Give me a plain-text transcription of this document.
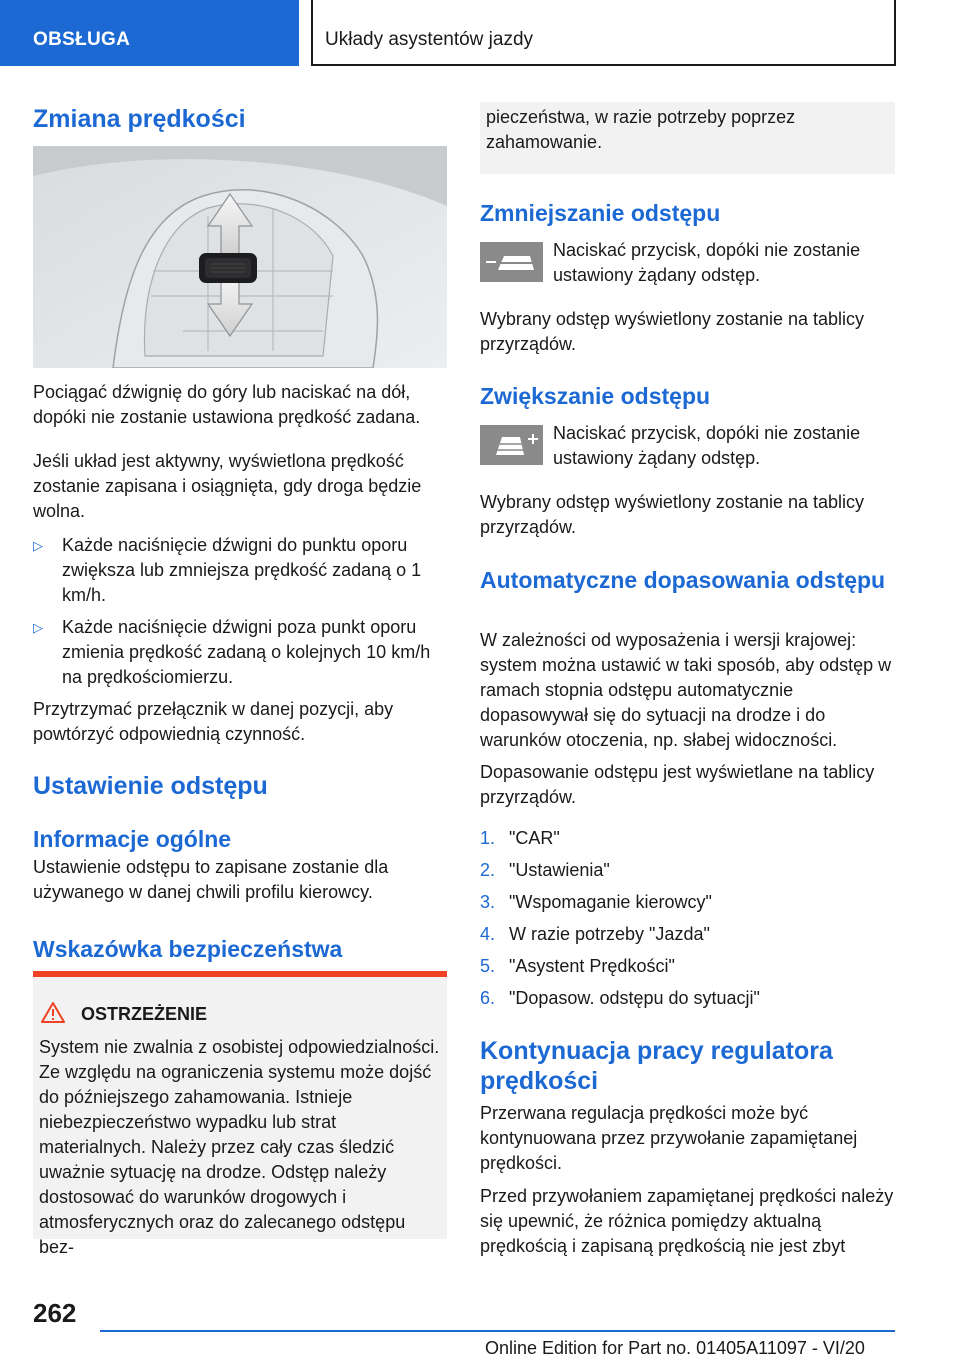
OBSŁUGA	Układy asystentów jazdy
Zmiana prędkości

Pociągać dźwignię do góry lub naciskać na dół, dopóki nie zostanie ustawiona prędkość zadana.

Jeśli układ jest aktywny, wyświetlona prędkość zostanie zapisana i osiągnięta, gdy droga będzie wolna.

▷	Każde naciśnięcie dźwigni do punktu oporu zwiększa lub zmniejsza prędkość zadaną o 1 km/h.

▷	Każde naciśnięcie dźwigni poza punkt oporu zmienia prędkość zadaną o kolejnych 10 km/h na prędkościomierzu.

Przytrzymać przełącznik w danej pozycji, aby powtórzyć odpowiednią czynność.

Ustawienie odstępu
Informacje ogólne

Ustawienie odstępu to zapisane zostanie dla używanego w danej chwili profilu kierowcy.

Wskazówka bezpieczeństwa
OSTRZEŻENIE

System nie zwalnia z osobistej odpowiedzialności. Ze względu na ograniczenia systemu może dojść do późniejszego zahamowania. Istnieje niebezpieczeństwo wypadku lub strat materialnych. Należy przez cały czas śledzić uważnie sytuację na drodze. Odstęp należy dostosować do warunków drogowych i atmosferycznych oraz do zalecanego odstępu bez-

pieczeństwa, w razie potrzeby poprzez zahamowanie.

Zmniejszanie odstępu

Naciskać przycisk, dopóki nie zostanie ustawiony żądany odstęp.

Wybrany odstęp wyświetlony zostanie na tablicy przyrządów.

Zwiększanie odstępu

Naciskać przycisk, dopóki nie zostanie ustawiony żądany odstęp.

Wybrany odstęp wyświetlony zostanie na tablicy przyrządów.

Automatyczne dopasowania odstępu

W zależności od wyposażenia i wersji krajowej: system można ustawić w taki sposób, aby odstęp w ramach stopnia odstępu automatycznie dopasowywał się do sytuacji na drodze i do warunków otoczenia, np. słabej widoczności.

Dopasowanie odstępu jest wyświetlane na tablicy przyrządów.

1. "CAR"
2. "Ustawienia"
3. "Wspomaganie kierowcy"
4. W razie potrzeby "Jazda"
5. "Asystent Prędkości"
6. "Dopasow. odstępu do sytuacji"
Kontynuacja pracy regulatora prędkości

Przerwana regulacja prędkości może być kontynuowana przez przywołanie zapamiętanej prędkości.

Przed przywołaniem zapamiętanej prędkości należy się upewnić, że różnica pomiędzy aktualną prędkością i zapisaną prędkością nie jest zbyt

262
Online Edition for Part no. 01405A11097 - VI/20
